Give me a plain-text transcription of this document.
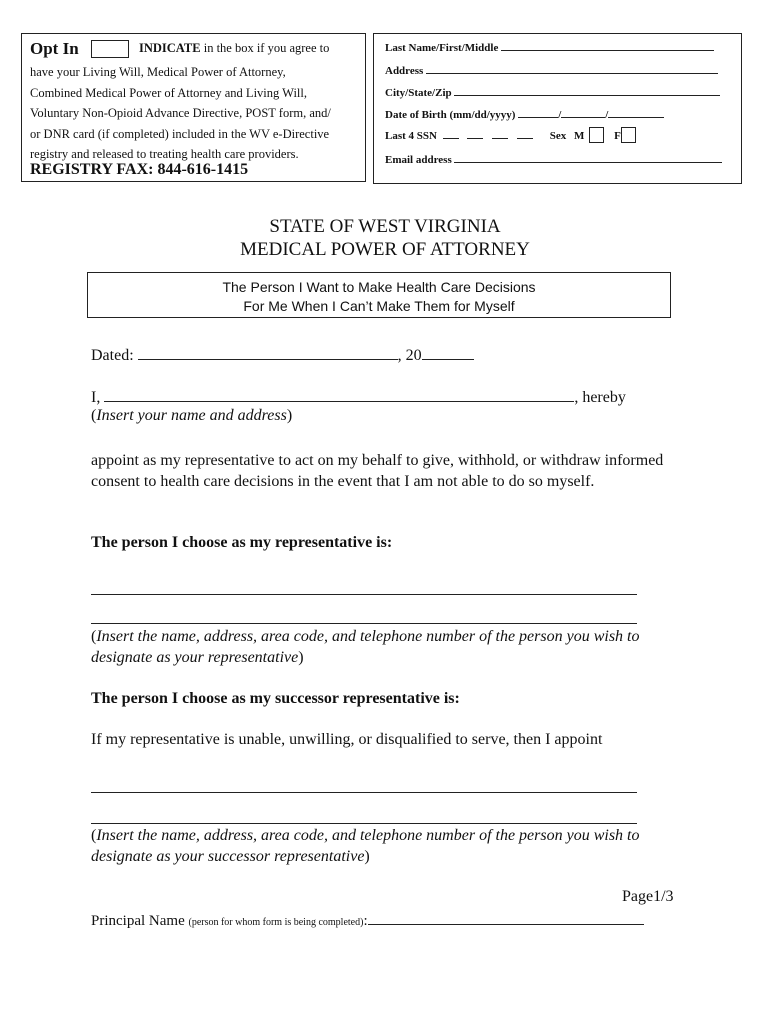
Opt In	INDICATE in the box if you agree to
have your Living Will, Medical Power of Attorney,
Combined Medical Power of Attorney and Living Will,
Voluntary Non-Opioid Advance Directive, POST form, and/
or DNR card (if completed) included in the WV e-Directive
registry and released to treating health care providers.
REGISTRY FAX: 844-616-1415
Last Name/First/Middle
Address
City/State/Zip
Date of Birth (mm/dd/yyyy)	/	/
Last 4 SSN	Sex M	F
Email address
STATE OF WEST VIRGINIA
MEDICAL POWER OF ATTORNEY
The Person I Want to Make Health Care Decisions
For Me When I Can’t Make Them for Myself
Dated:	, 20
I,	, hereby
(Insert your name and address)
appoint as my representative to act on my behalf to give, withhold, or withdraw informed consent to health care decisions in the event that I am not able to do so myself.
The person I choose as my representative is:
(Insert the name, address, area code, and telephone number of the person you wish to designate as your representative)
The person I choose as my successor representative is:
If my representative is unable, unwilling, or disqualified to serve, then I appoint
(Insert the name, address, area code, and telephone number of the person you wish to designate as your successor representative)
Page1/3
Principal Name (person for whom form is being completed):
